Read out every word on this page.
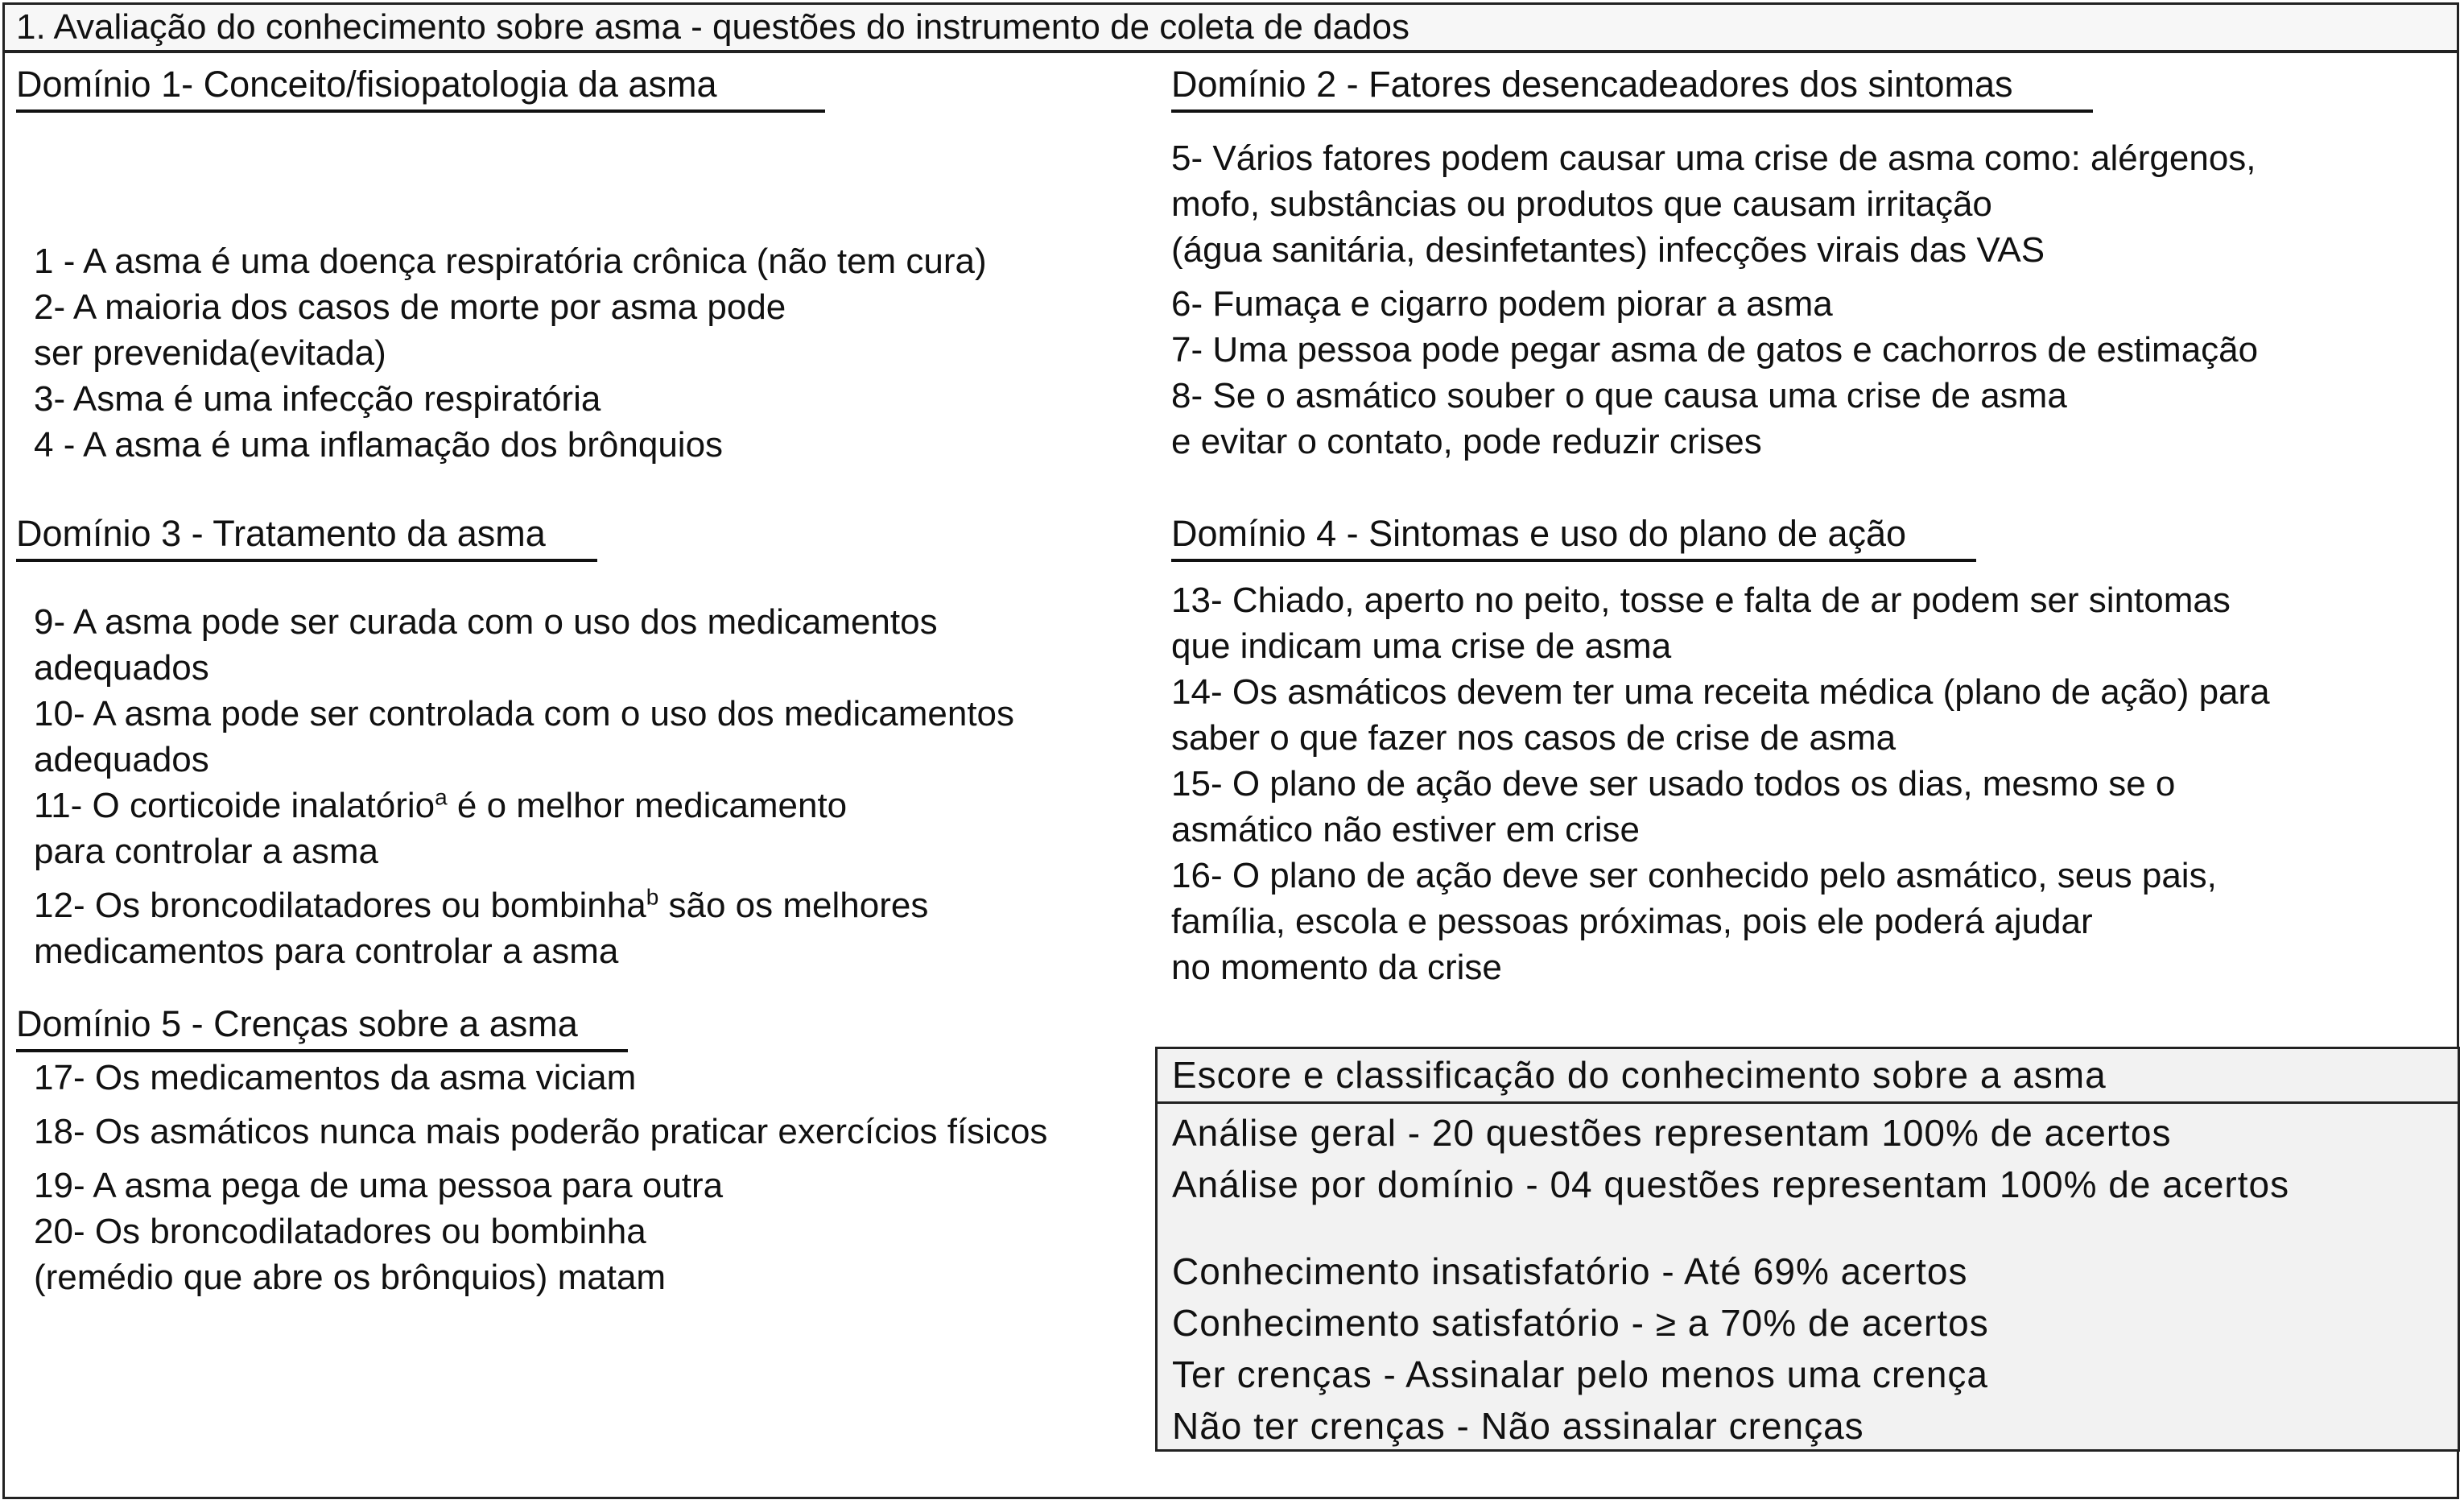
1. Avaliação do conhecimento sobre asma - questões do instrumento de coleta de dados
Domínio 1- Conceito/fisiopatologia da asma
1 - A asma é uma doença respiratória crônica (não tem cura)
2- A maioria dos casos de morte por asma pode
ser prevenida(evitada)
3- Asma é uma infecção respiratória
4 - A asma é uma inflamação dos brônquios
Domínio 2 - Fatores desencadeadores dos sintomas
5- Vários fatores podem causar uma crise de asma como: alérgenos,
mofo, substâncias ou produtos que causam irritação
(água sanitária, desinfetantes) infecções virais das VAS
6- Fumaça e cigarro podem piorar a asma
7- Uma pessoa pode pegar asma de gatos e cachorros de estimação
8- Se o asmático souber o que causa uma crise de asma
e evitar o contato, pode reduzir crises
Domínio 3 - Tratamento da asma
9- A asma pode ser curada com o uso dos medicamentos
adequados
10- A asma pode ser controlada com o uso dos medicamentos
adequados
11- O corticoide inalatório$^a$ é o melhor medicamento
para controlar a asma
12- Os broncodilatadores ou bombinha$^b$ são os melhores
medicamentos para controlar a asma
Domínio 4 - Sintomas e uso do plano de ação
13- Chiado, aperto no peito, tosse e falta de ar podem ser sintomas
que indicam uma crise de asma
14- Os asmáticos devem ter uma receita médica (plano de ação) para
saber o que fazer nos casos de crise de asma
15- O plano de ação deve ser usado todos os dias, mesmo se o
asmático não estiver em crise
16- O plano de ação deve ser conhecido pelo asmático, seus pais,
família, escola e pessoas próximas, pois ele poderá ajudar
no momento da crise
Domínio 5 - Crenças sobre a asma
17- Os medicamentos da asma viciam
18- Os asmáticos nunca mais poderão praticar exercícios físicos
19- A asma pega de uma pessoa para outra
20- Os broncodilatadores ou bombinha
(remédio que abre os brônquios) matam
Escore e classificação do conhecimento sobre a asma
Análise geral - 20 questões representam 100% de acertos
Análise por domínio - 04 questões representam 100% de acertos
Conhecimento insatisfatório - Até 69% acertos
Conhecimento satisfatório - ≥ a 70% de acertos
Ter crenças - Assinalar pelo menos uma crença
Não ter crenças - Não assinalar crenças
